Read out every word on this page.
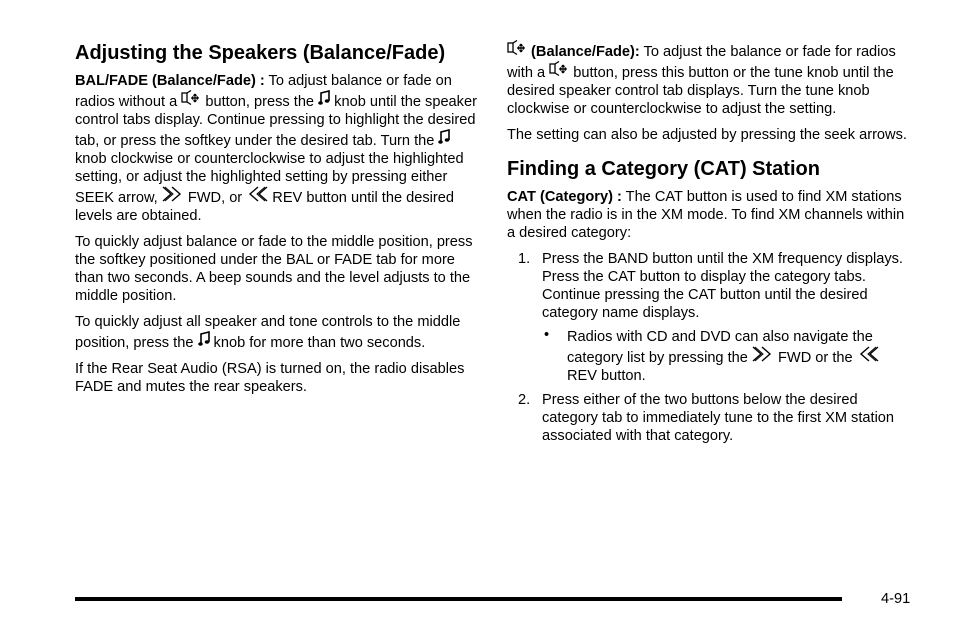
Adjusting the Speakers (Balance/Fade)

BAL/FADE (Balance/Fade) : To adjust balance or fade on radios without a
button, press the
knob until the speaker control tabs display. Continue pressing to highlight the desired tab, or press the softkey under the desired tab. Turn the
knob clockwise or counterclockwise to adjust the highlighted setting, or adjust the highlighted setting by pressing either SEEK arrow,
FWD, or
REV button until the desired levels are obtained.

To quickly adjust balance or fade to the middle position, press the softkey positioned under the BAL or FADE tab for more than two seconds. A beep sounds and the level adjusts to the middle position.

To quickly adjust all speaker and tone controls to the middle position, press the
knob for more than two seconds.

If the Rear Seat Audio (RSA) is turned on, the radio disables FADE and mutes the rear speakers.

(Balance/Fade): To adjust the balance or fade for radios with a
button, press this button or the tune knob until the desired speaker control tab displays. Turn the tune knob clockwise or counterclockwise to adjust the setting.

The setting can also be adjusted by pressing the seek arrows.

Finding a Category (CAT) Station

CAT (Category) : The CAT button is used to find XM stations when the radio is in the XM mode. To find XM channels within a desired category:

1. Press the BAND button until the XM frequency displays. Press the CAT button to display the category tabs. Continue pressing the CAT button until the desired category name displays.
• Radios with CD and DVD can also navigate the category list by pressing the
FWD or the
REV button.
2. Press either of the two buttons below the desired category tab to immediately tune to the first XM station associated with that category.
4-91
